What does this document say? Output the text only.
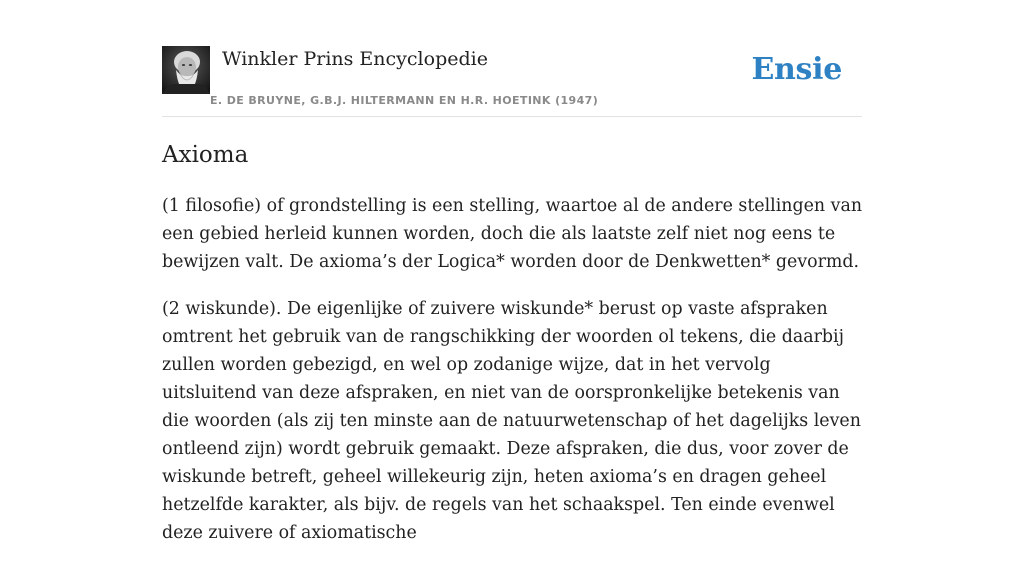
Winkler Prins Encyclopedie
E. DE BRUYNE, G.B.J. HILTERMANN EN H.R. HOETINK (1947)
Ensie
Axioma

(1 filosofie) of grondstelling is een stelling, waartoe al de andere stellingen van een gebied herleid kunnen worden, doch die als laatste zelf niet nog eens te bewijzen valt. De axioma’s der Logica* worden door de Denkwetten* gevormd.

(2 wiskunde). De eigenlijke of zuivere wiskunde* berust op vaste afspraken omtrent het gebruik van de rangschikking der woorden ol tekens, die daarbij zullen worden gebezigd, en wel op zodanige wijze, dat in het vervolg uitsluitend van deze afspraken, en niet van de oorspronkelijke betekenis van die woorden (als zij ten minste aan de natuurwetenschap of het dagelijks leven ontleend zijn) wordt gebruik gemaakt. Deze afspraken, die dus, voor zover de wiskunde betreft, geheel willekeurig zijn, heten axioma’s en dragen geheel hetzelfde karakter, als bijv. de regels van het schaakspel. Ten einde evenwel deze zuivere of axiomatische
